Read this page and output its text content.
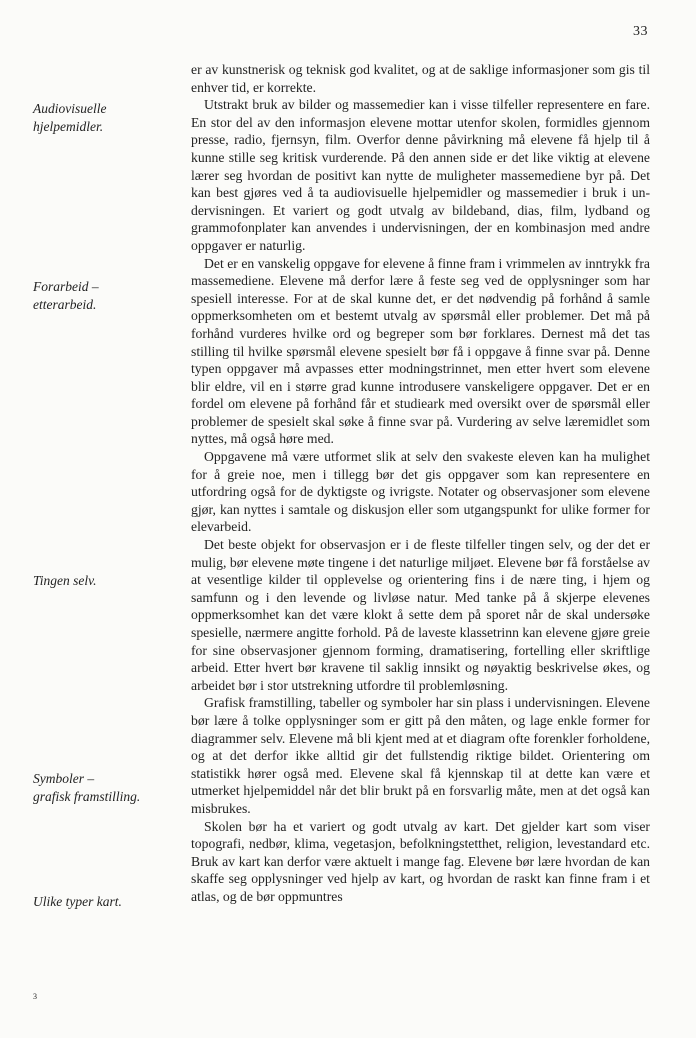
33
Audiovisuelle
hjelpemidler.
Forarbeid –
etterarbeid.
Tingen selv.
Symboler –
grafisk framstilling.
Ulike typer kart.

er av kunstnerisk og teknisk god kvalitet, og at de saklige informasjoner som gis til enhver tid, er korrekte.

Utstrakt bruk av bilder og massemedier kan i visse tilfeller representere en fare. En stor del av den informasjon elevene mottar utenfor skolen, formidles gjennom presse, radio, fjernsyn, film. Overfor denne påvirkning må elevene få hjelp til å kunne stille seg kritisk vurderende. På den annen side er det like viktig at elevene lærer seg hvordan de positivt kan nytte de muligheter massemediene byr på. Det kan best gjøres ved å ta audiovisuelle hjelpemidler og massemedier i bruk i undervisningen. Et variert og godt utvalg av bildeband, dias, film, lydband og grammofonplater kan anvendes i undervisningen, der en kombinasjon med andre oppgaver er naturlig.

Det er en vanskelig oppgave for elevene å finne fram i vrimmelen av inntrykk fra massemediene. Elevene må derfor lære å feste seg ved de opplysninger som har spesiell interesse. For at de skal kunne det, er det nødvendig på forhånd å samle oppmerksomheten om et bestemt utvalg av spørsmål eller problemer. Det må på forhånd vurderes hvilke ord og begreper som bør forklares. Dernest må det tas stilling til hvilke spørsmål elevene spesielt bør få i oppgave å finne svar på. Denne typen oppgaver må avpasses etter modningstrinnet, men etter hvert som elevene blir eldre, vil en i større grad kunne introdusere vanskeligere oppgaver. Det er en fordel om elevene på forhånd får et studieark med oversikt over de spørsmål eller problemer de spesielt skal søke å finne svar på. Vurdering av selve læremidlet som nyttes, må også høre med.

Oppgavene må være utformet slik at selv den svakeste eleven kan ha mulighet for å greie noe, men i tillegg bør det gis oppgaver som kan representere en utfordring også for de dyktigste og ivrigste. Notater og observasjoner som elevene gjør, kan nyttes i samtale og diskusjon eller som utgangspunkt for ulike former for elevarbeid.

Det beste objekt for observasjon er i de fleste tilfeller tingen selv, og der det er mulig, bør elevene møte tingene i det naturlige miljøet. Elevene bør få forståelse av at vesentlige kilder til opplevelse og orientering fins i de nære ting, i hjem og samfunn og i den levende og livløse natur. Med tanke på å skjerpe elevenes oppmerksomhet kan det være klokt å sette dem på sporet når de skal undersøke spesielle, nærmere angitte forhold. På de laveste klassetrinn kan elevene gjøre greie for sine observasjoner gjennom forming, dramatisering, fortelling eller skriftlige arbeid. Etter hvert bør kravene til saklig innsikt og nøyaktig beskrivelse økes, og arbeidet bør i stor utstrekning utfordre til problemløsning.

Grafisk framstilling, tabeller og symboler har sin plass i undervisningen. Elevene bør lære å tolke opplysninger som er gitt på den måten, og lage enkle former for diagrammer selv. Elevene må bli kjent med at et diagram ofte forenkler forholdene, og at det derfor ikke alltid gir det fullstendig riktige bildet. Orientering om statistikk hører også med. Elevene skal få kjennskap til at dette kan være et utmerket hjelpemiddel når det blir brukt på en forsvarlig måte, men at det også kan misbrukes.

Skolen bør ha et variert og godt utvalg av kart. Det gjelder kart som viser topografi, nedbør, klima, vegetasjon, befolkningstetthet, religion, levestandard etc. Bruk av kart kan derfor være aktuelt i mange fag. Elevene bør lære hvordan de kan skaffe seg opplysninger ved hjelp av kart, og hvordan de raskt kan finne fram i et atlas, og de bør oppmuntres

3
